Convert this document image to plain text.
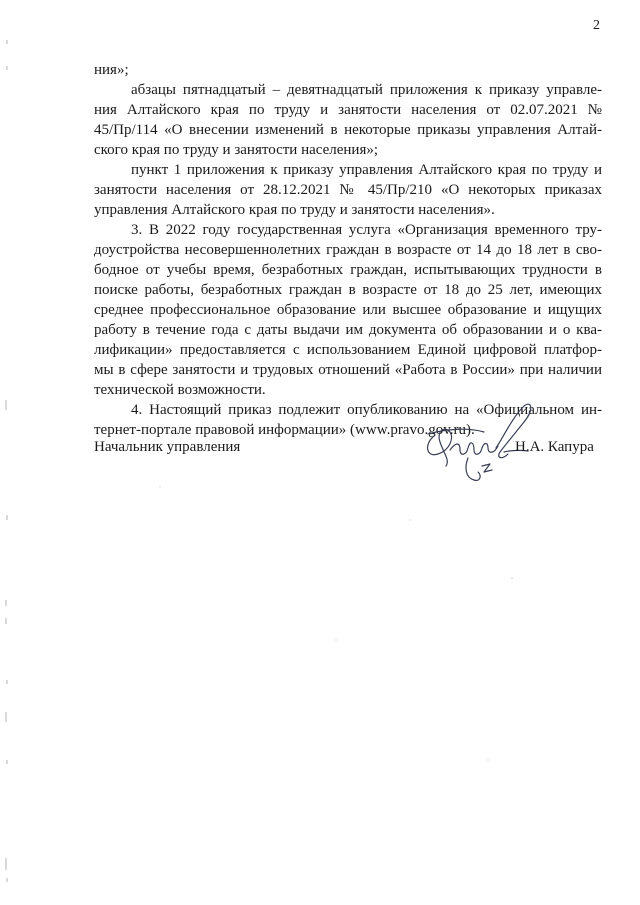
2
ния»;
абзацы пятнадцатый – девятнадцатый приложения к приказу управле-
ния Алтайского края по труду и занятости населения от 02.07.2021 №
45/Пр/114 «О внесении изменений в некоторые приказы управления Алтай-
ского края по труду и занятости населения»;
пункт 1 приложения к приказу управления Алтайского края по труду и
занятости населения от 28.12.2021 № 45/Пр/210 «О некоторых приказах
управления Алтайского края по труду и занятости населения».
3. В 2022 году государственная услуга «Организация временного тру-
доустройства несовершеннолетних граждан в возрасте от 14 до 18 лет в сво-
бодное от учебы время, безработных граждан, испытывающих трудности в
поиске работы, безработных граждан в возрасте от 18 до 25 лет, имеющих
среднее профессиональное образование или высшее образование и ищущих
работу в течение года с даты выдачи им документа об образовании и о ква-
лификации» предоставляется с использованием Единой цифровой платфор-
мы в сфере занятости и трудовых отношений «Работа в России» при наличии
технической возможности.
4. Настоящий приказ подлежит опубликованию на «Официальном ин-
тернет-портале правовой информации» (www.pravo.gov.ru).
Начальник управления	Н.А. Капура
